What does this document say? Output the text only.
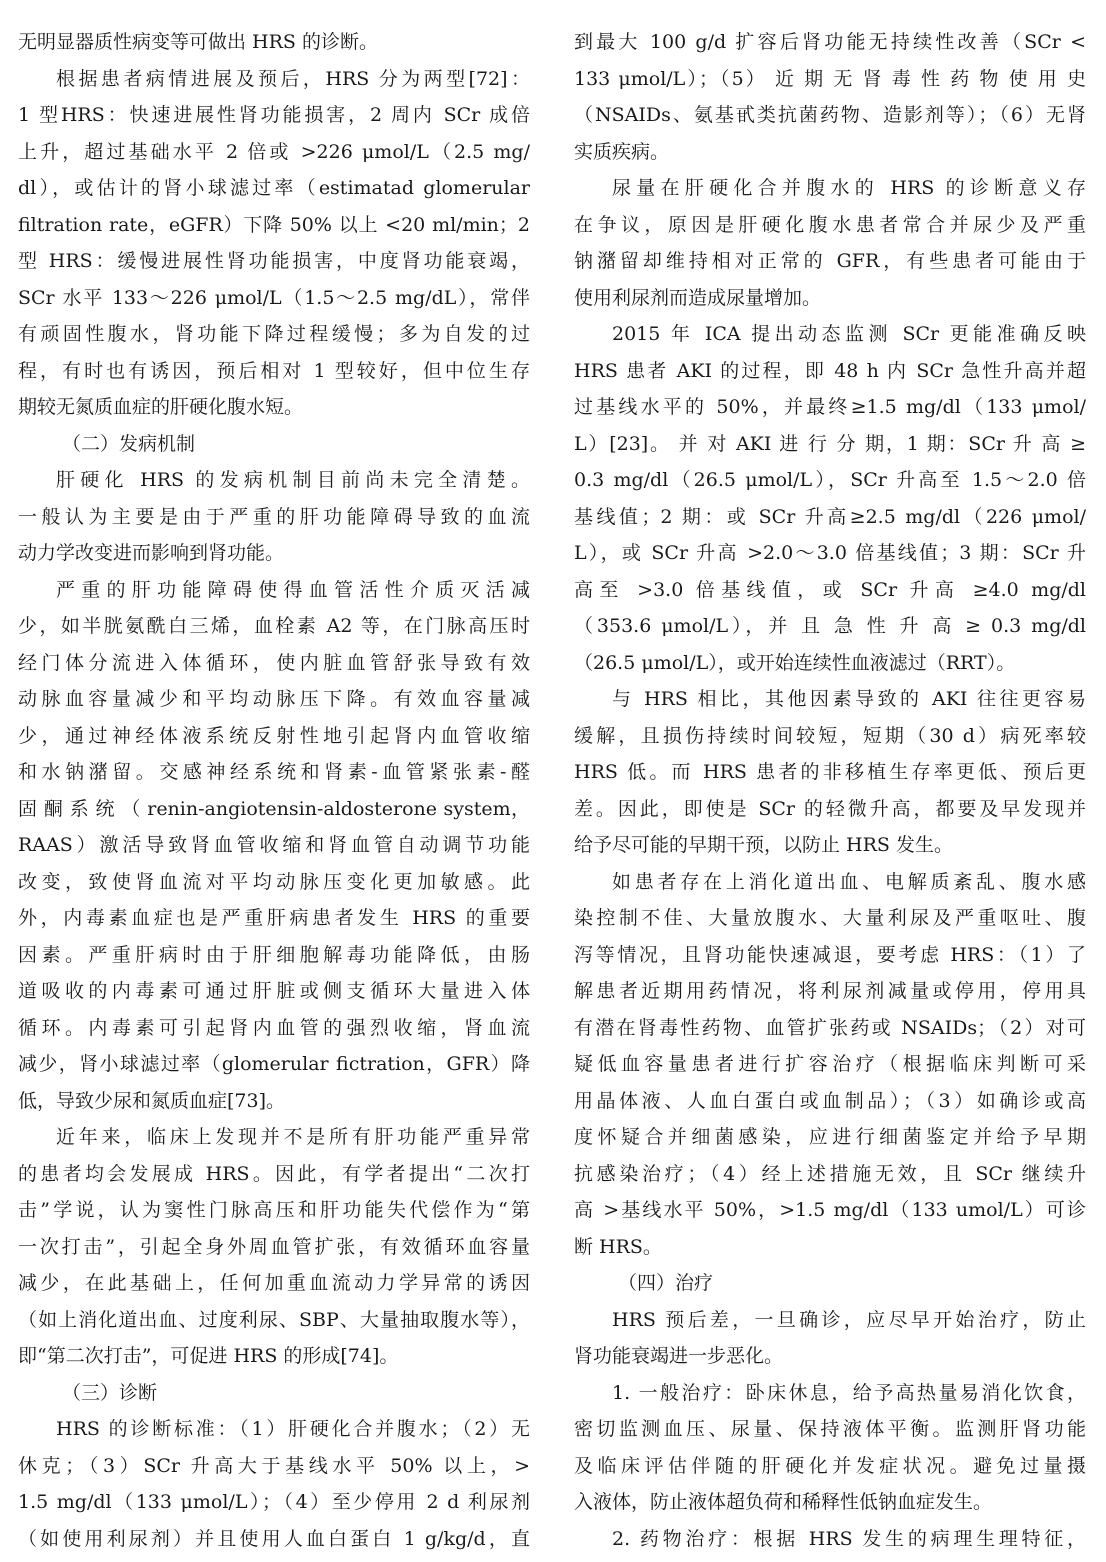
无明显器质性病变等可做出 HRS 的诊断。
根据患者病情进展及预后，HRS 分为两型[72]：
1 型HRS：快速进展性肾功能损害，2 周内 SCr 成倍
上升，超过基础水平 2 倍或 >226 μmol/L（2.5 mg/
dl），或估计的肾小球滤过率（estimatad glomerular
filtration rate，eGFR）下降 50% 以上 <20 ml/min；2
型 HRS：缓慢进展性肾功能损害，中度肾功能衰竭，
SCr 水平 133～226 μmol/L（1.5～2.5 mg/dL），常伴
有顽固性腹水，肾功能下降过程缓慢；多为自发的过
程，有时也有诱因，预后相对 1 型较好，但中位生存
期较无氮质血症的肝硬化腹水短。
（二）发病机制
肝硬化 HRS 的发病机制目前尚未完全清楚。
一般认为主要是由于严重的肝功能障碍导致的血流
动力学改变进而影响到肾功能。
严重的肝功能障碍使得血管活性介质灭活减
少，如半胱氨酰白三烯，血栓素 A2 等，在门脉高压时
经门体分流进入体循环，使内脏血管舒张导致有效
动脉血容量减少和平均动脉压下降。有效血容量减
少，通过神经体液系统反射性地引起肾内血管收缩
和水钠潴留。交感神经系统和肾素-血管紧张素-醛
固 酮 系 统 （ renin-angiotensin-aldosterone system，
RAAS）激活导致肾血管收缩和肾血管自动调节功能
改变，致使肾血流对平均动脉压变化更加敏感。此
外，内毒素血症也是严重肝病患者发生 HRS 的重要
因素。严重肝病时由于肝细胞解毒功能降低，由肠
道吸收的内毒素可通过肝脏或侧支循环大量进入体
循环。内毒素可引起肾内血管的强烈收缩，肾血流
减少，肾小球滤过率（glomerular fictration，GFR）降
低，导致少尿和氮质血症[73]。
近年来，临床上发现并不是所有肝功能严重异常
的患者均会发展成 HRS。因此，有学者提出“二次打
击”学说，认为窦性门脉高压和肝功能失代偿作为“第
一次打击”，引起全身外周血管扩张，有效循环血容量
减少，在此基础上，任何加重血流动力学异常的诱因
（如上消化道出血、过度利尿、SBP、大量抽取腹水等），
即“第二次打击”，可促进 HRS 的形成[74]。
（三）诊断
HRS 的诊断标准：（1）肝硬化合并腹水；（2）无
休克；（3）SCr 升高大于基线水平 50% 以上，>
1.5 mg/dl（133 μmol/L）；（4）至少停用 2 d 利尿剂
（如使用利尿剂）并且使用人血白蛋白 1 g/kg/d，直
到最大 100 g/d 扩容后肾功能无持续性改善（SCr <
133 μmol/L）；（5） 近 期 无 肾 毒 性 药 物 使 用 史
（NSAIDs、氨基甙类抗菌药物、造影剂等）；（6）无肾
实质疾病。
尿量在肝硬化合并腹水的 HRS 的诊断意义存
在争议，原因是肝硬化腹水患者常合并尿少及严重
钠潴留却维持相对正常的 GFR，有些患者可能由于
使用利尿剂而造成尿量增加。
2015 年 ICA 提出动态监测 SCr 更能准确反映
HRS 患者 AKI 的过程，即 48 h 内 SCr 急性升高并超
过基线水平的 50%，并最终≥1.5 mg/dl（133 μmol/
L）[23]。 并 对 AKI 进 行 分 期，1 期：SCr 升 高 ≥
0.3 mg/dl（26.5 μmol/L），SCr 升高至 1.5～2.0 倍
基线值；2 期：或 SCr 升高≥2.5 mg/dl（226 μmol/
L），或 SCr 升高 >2.0～3.0 倍基线值；3 期：SCr 升
高至 >3.0 倍基线值，或 SCr 升高 ≥4.0 mg/dl
（353.6 μmol/L），并 且 急 性 升 高 ≥ 0.3 mg/dl
（26.5 μmol/L），或开始连续性血液滤过（RRT）。
与 HRS 相比，其他因素导致的 AKI 往往更容易
缓解，且损伤持续时间较短，短期（30 d）病死率较
HRS 低。而 HRS 患者的非移植生存率更低、预后更
差。因此，即使是 SCr 的轻微升高，都要及早发现并
给予尽可能的早期干预，以防止 HRS 发生。
如患者存在上消化道出血、电解质紊乱、腹水感
染控制不佳、大量放腹水、大量利尿及严重呕吐、腹
泻等情况，且肾功能快速减退，要考虑 HRS：（1）了
解患者近期用药情况，将利尿剂减量或停用，停用具
有潜在肾毒性药物、血管扩张药或 NSAIDs；（2）对可
疑低血容量患者进行扩容治疗（根据临床判断可采
用晶体液、人血白蛋白或血制品）；（3）如确诊或高
度怀疑合并细菌感染，应进行细菌鉴定并给予早期
抗感染治疗；（4）经上述措施无效，且 SCr 继续升
高 >基线水平 50%，>1.5 mg/dl（133 umol/L）可诊
断 HRS。
（四）治疗
HRS 预后差，一旦确诊，应尽早开始治疗，防止
肾功能衰竭进一步恶化。
1. 一般治疗：卧床休息，给予高热量易消化饮食，
密切监测血压、尿量、保持液体平衡。监测肝肾功能
及临床评估伴随的肝硬化并发症状况。避免过量摄
入液体，防止液体超负荷和稀释性低钠血症发生。
2. 药物治疗：根据 HRS 发生的病理生理特征，
